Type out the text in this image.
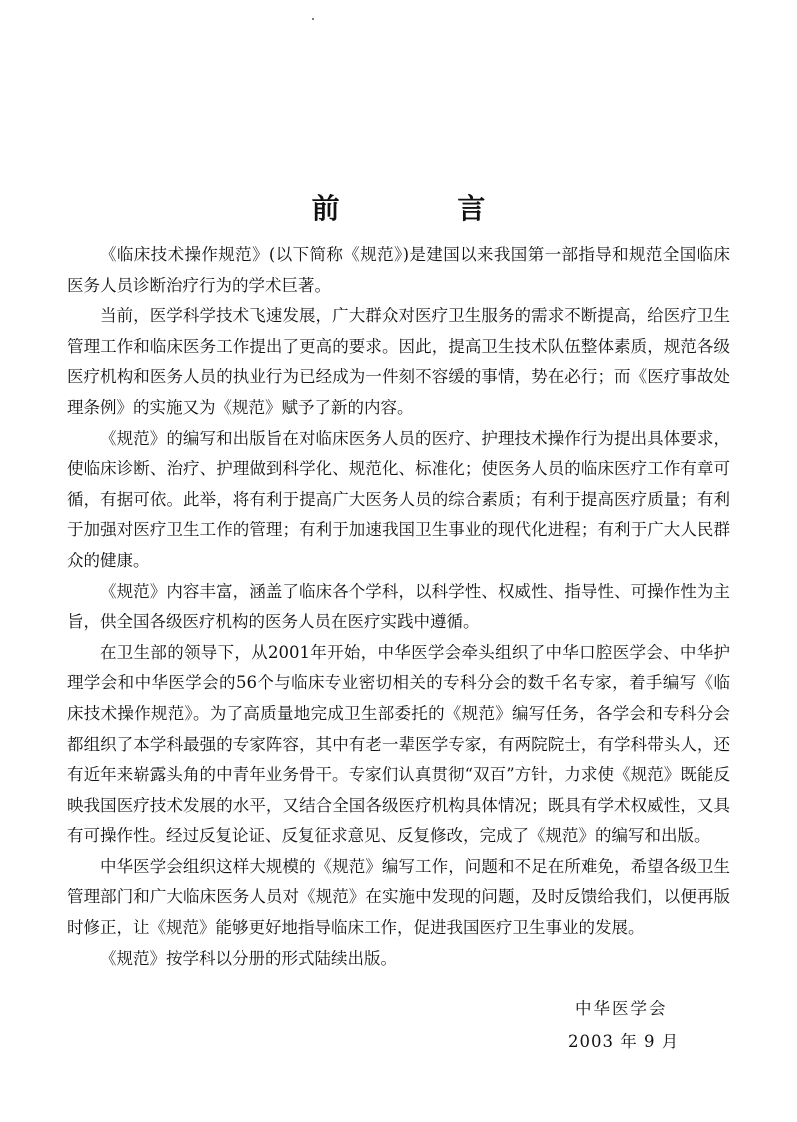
前 言

《临床技术操作规范》(以下简称《规范》)是建国以来我国第一部指导和规范全国临床医务人员诊断治疗行为的学术巨著。

当前，医学科学技术飞速发展，广大群众对医疗卫生服务的需求不断提高，给医疗卫生管理工作和临床医务工作提出了更高的要求。因此，提高卫生技术队伍整体素质，规范各级医疗机构和医务人员的执业行为已经成为一件刻不容缓的事情，势在必行；而《医疗事故处理条例》的实施又为《规范》赋予了新的内容。

《规范》的编写和出版旨在对临床医务人员的医疗、护理技术操作行为提出具体要求，使临床诊断、治疗、护理做到科学化、规范化、标准化；使医务人员的临床医疗工作有章可循，有据可依。此举，将有利于提高广大医务人员的综合素质；有利于提高医疗质量；有利于加强对医疗卫生工作的管理；有利于加速我国卫生事业的现代化进程；有利于广大人民群众的健康。

《规范》内容丰富，涵盖了临床各个学科，以科学性、权威性、指导性、可操作性为主旨，供全国各级医疗机构的医务人员在医疗实践中遵循。

在卫生部的领导下，从2001年开始，中华医学会牵头组织了中华口腔医学会、中华护理学会和中华医学会的56个与临床专业密切相关的专科分会的数千名专家，着手编写《临床技术操作规范》。为了高质量地完成卫生部委托的《规范》编写任务，各学会和专科分会都组织了本学科最强的专家阵容，其中有老一辈医学专家，有两院院士，有学科带头人，还有近年来崭露头角的中青年业务骨干。专家们认真贯彻“双百”方针，力求使《规范》既能反映我国医疗技术发展的水平，又结合全国各级医疗机构具体情况；既具有学术权威性，又具有可操作性。经过反复论证、反复征求意见、反复修改，完成了《规范》的编写和出版。

中华医学会组织这样大规模的《规范》编写工作，问题和不足在所难免，希望各级卫生管理部门和广大临床医务人员对《规范》在实施中发现的问题，及时反馈给我们，以便再版时修正，让《规范》能够更好地指导临床工作，促进我国医疗卫生事业的发展。

《规范》按学科以分册的形式陆续出版。

中华医学会
2003 年 9 月
